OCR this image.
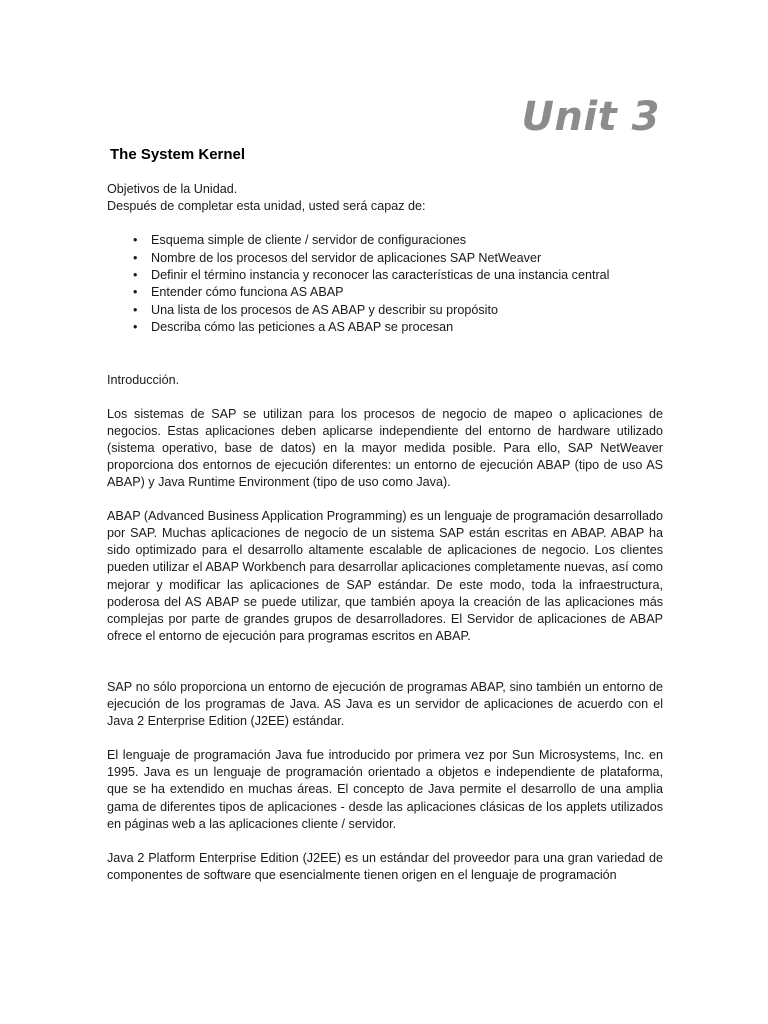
Unit 3
The System Kernel

Objetivos de la Unidad.

Después de completar esta unidad, usted será capaz de:

• Esquema simple de cliente / servidor de configuraciones
• Nombre de los procesos del servidor de aplicaciones SAP NetWeaver
• Definir el término instancia y reconocer las características de una instancia central
• Entender cómo funciona AS ABAP
• Una lista de los procesos de AS ABAP y describir su propósito
• Describa cómo las peticiones a AS ABAP se procesan

Introducción.

Los sistemas de SAP se utilizan para los procesos de negocio de mapeo o aplicaciones de negocios. Estas aplicaciones deben aplicarse independiente del entorno de hardware utilizado (sistema operativo, base de datos) en la mayor medida posible. Para ello, SAP NetWeaver proporciona dos entornos de ejecución diferentes: un entorno de ejecución ABAP (tipo de uso AS ABAP) y Java Runtime Environment (tipo de uso como Java).

ABAP (Advanced Business Application Programming) es un lenguaje de programación desarrollado por SAP. Muchas aplicaciones de negocio de un sistema SAP están escritas en ABAP. ABAP ha sido optimizado para el desarrollo altamente escalable de aplicaciones de negocio. Los clientes pueden utilizar el ABAP Workbench para desarrollar aplicaciones completamente nuevas, así como mejorar y modificar las aplicaciones de SAP estándar. De este modo, toda la infraestructura, poderosa del AS ABAP se puede utilizar, que también apoya la creación de las aplicaciones más complejas por parte de grandes grupos de desarrolladores. El Servidor de aplicaciones de ABAP ofrece el entorno de ejecución para programas escritos en ABAP.

SAP no sólo proporciona un entorno de ejecución de programas ABAP, sino también un entorno de ejecución de los programas de Java. AS Java es un servidor de aplicaciones de acuerdo con el Java 2 Enterprise Edition (J2EE) estándar.

El lenguaje de programación Java fue introducido por primera vez por Sun Microsystems, Inc. en 1995. Java es un lenguaje de programación orientado a objetos e independiente de plataforma, que se ha extendido en muchas áreas. El concepto de Java permite el desarrollo de una amplia gama de diferentes tipos de aplicaciones - desde las aplicaciones clásicas de los applets utilizados en páginas web a las aplicaciones cliente / servidor.

Java 2 Platform Enterprise Edition (J2EE) es un estándar del proveedor para una gran variedad de componentes de software que esencialmente tienen origen en el lenguaje de programación
